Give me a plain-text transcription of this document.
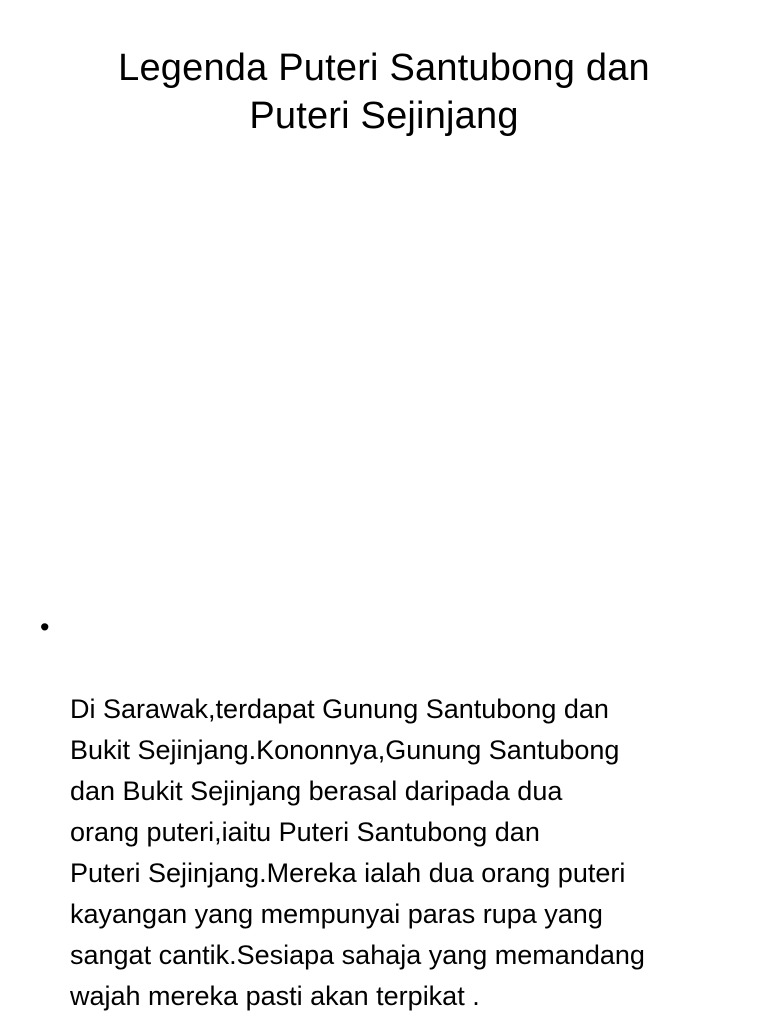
Legenda Puteri Santubong dan
Puteri Sejinjang

•

Di Sarawak,terdapat Gunung Santubong dan
Bukit Sejinjang.Kononnya,Gunung Santubong
dan Bukit Sejinjang berasal daripada dua
orang puteri,iaitu Puteri Santubong dan
Puteri Sejinjang.Mereka ialah dua orang puteri
kayangan yang mempunyai paras rupa yang
sangat cantik.Sesiapa sahaja yang memandang
wajah mereka pasti akan terpikat .
